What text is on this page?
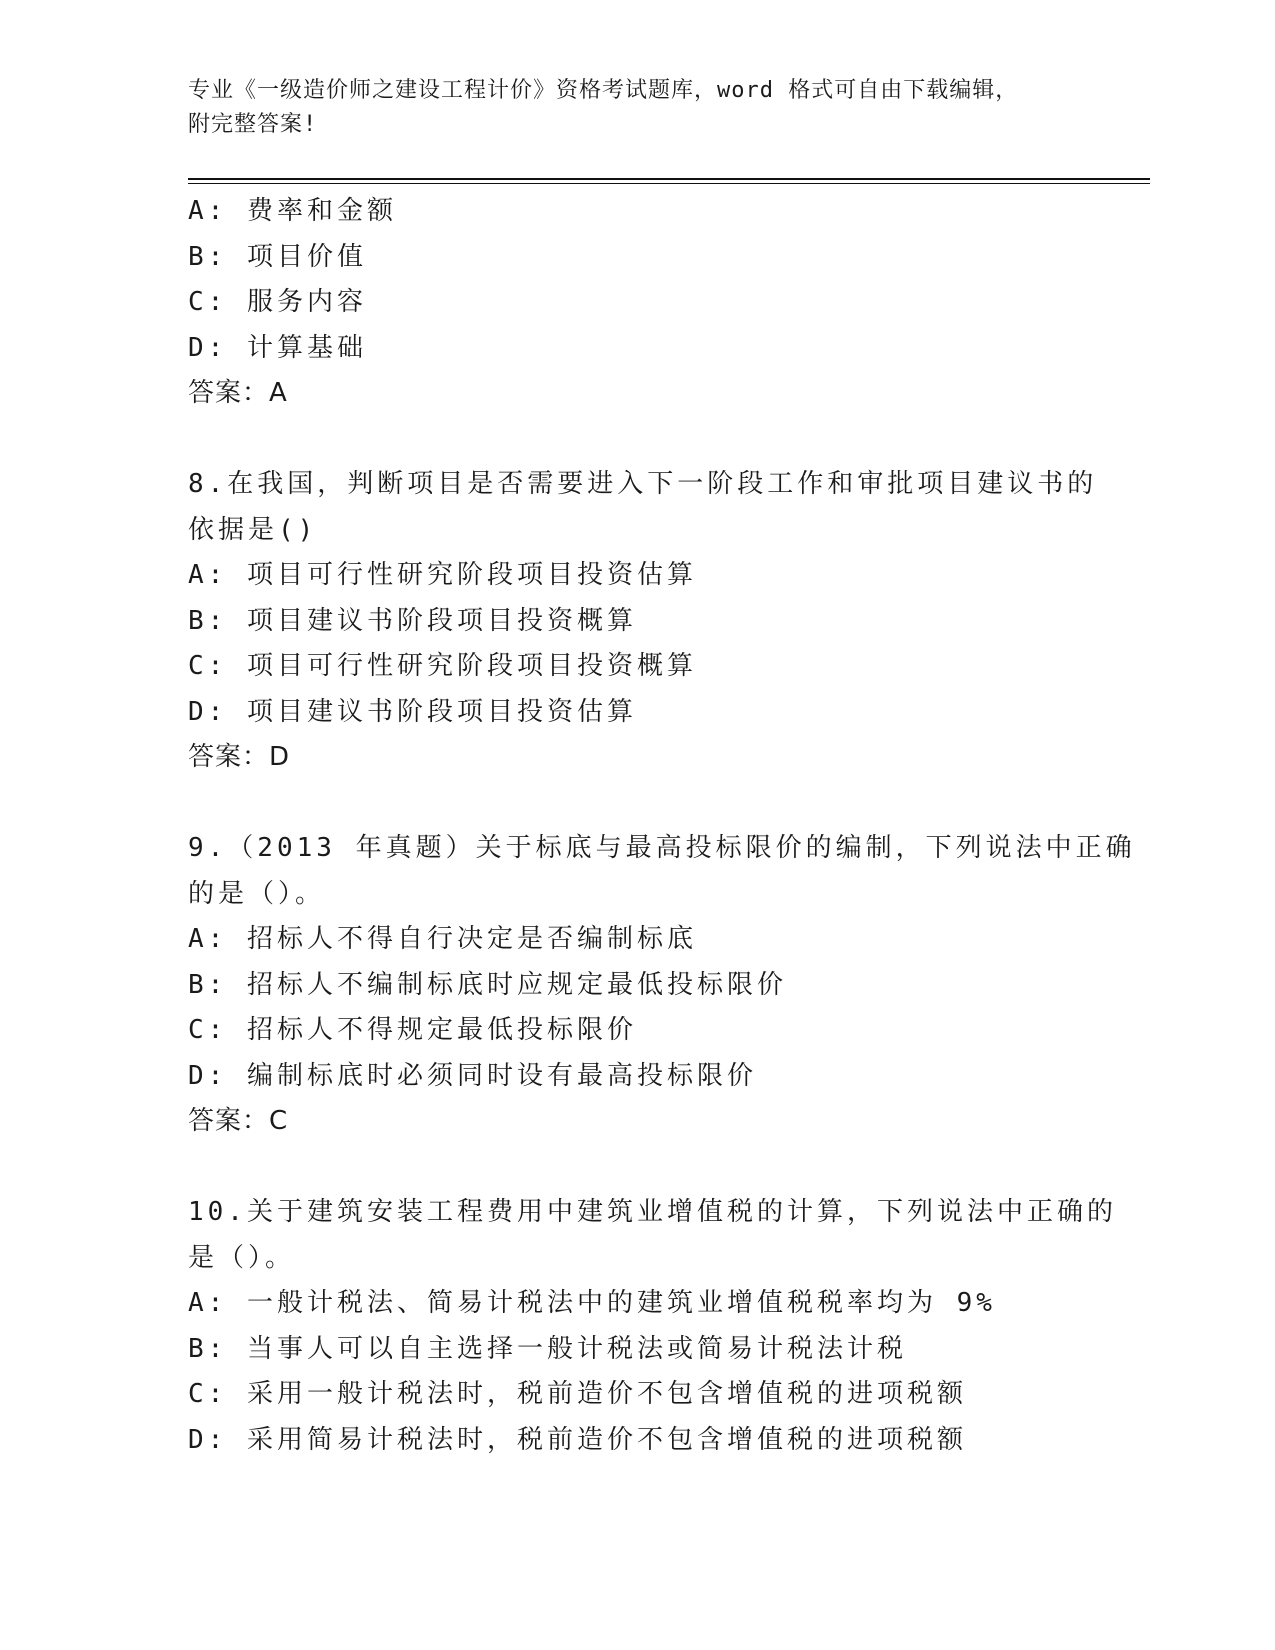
专业《一级造价师之建设工程计价》资格考试题库，word 格式可自由下载编辑，
附完整答案!
A: 费率和金额
B: 项目价值
C: 服务内容
D: 计算基础
答案：A
8.在我国，判断项目是否需要进入下一阶段工作和审批项目建议书的
依据是()
A: 项目可行性研究阶段项目投资估算
B: 项目建议书阶段项目投资概算
C: 项目可行性研究阶段项目投资概算
D: 项目建议书阶段项目投资估算
答案：D
9.（2013 年真题）关于标底与最高投标限价的编制，下列说法中正确
的是（）。
A: 招标人不得自行决定是否编制标底
B: 招标人不编制标底时应规定最低投标限价
C: 招标人不得规定最低投标限价
D: 编制标底时必须同时设有最高投标限价
答案：C
10.关于建筑安装工程费用中建筑业增值税的计算，下列说法中正确的
是（）。
A: 一般计税法、简易计税法中的建筑业增值税税率均为 9%
B: 当事人可以自主选择一般计税法或简易计税法计税
C: 采用一般计税法时，税前造价不包含增值税的进项税额
D: 采用简易计税法时，税前造价不包含增值税的进项税额
